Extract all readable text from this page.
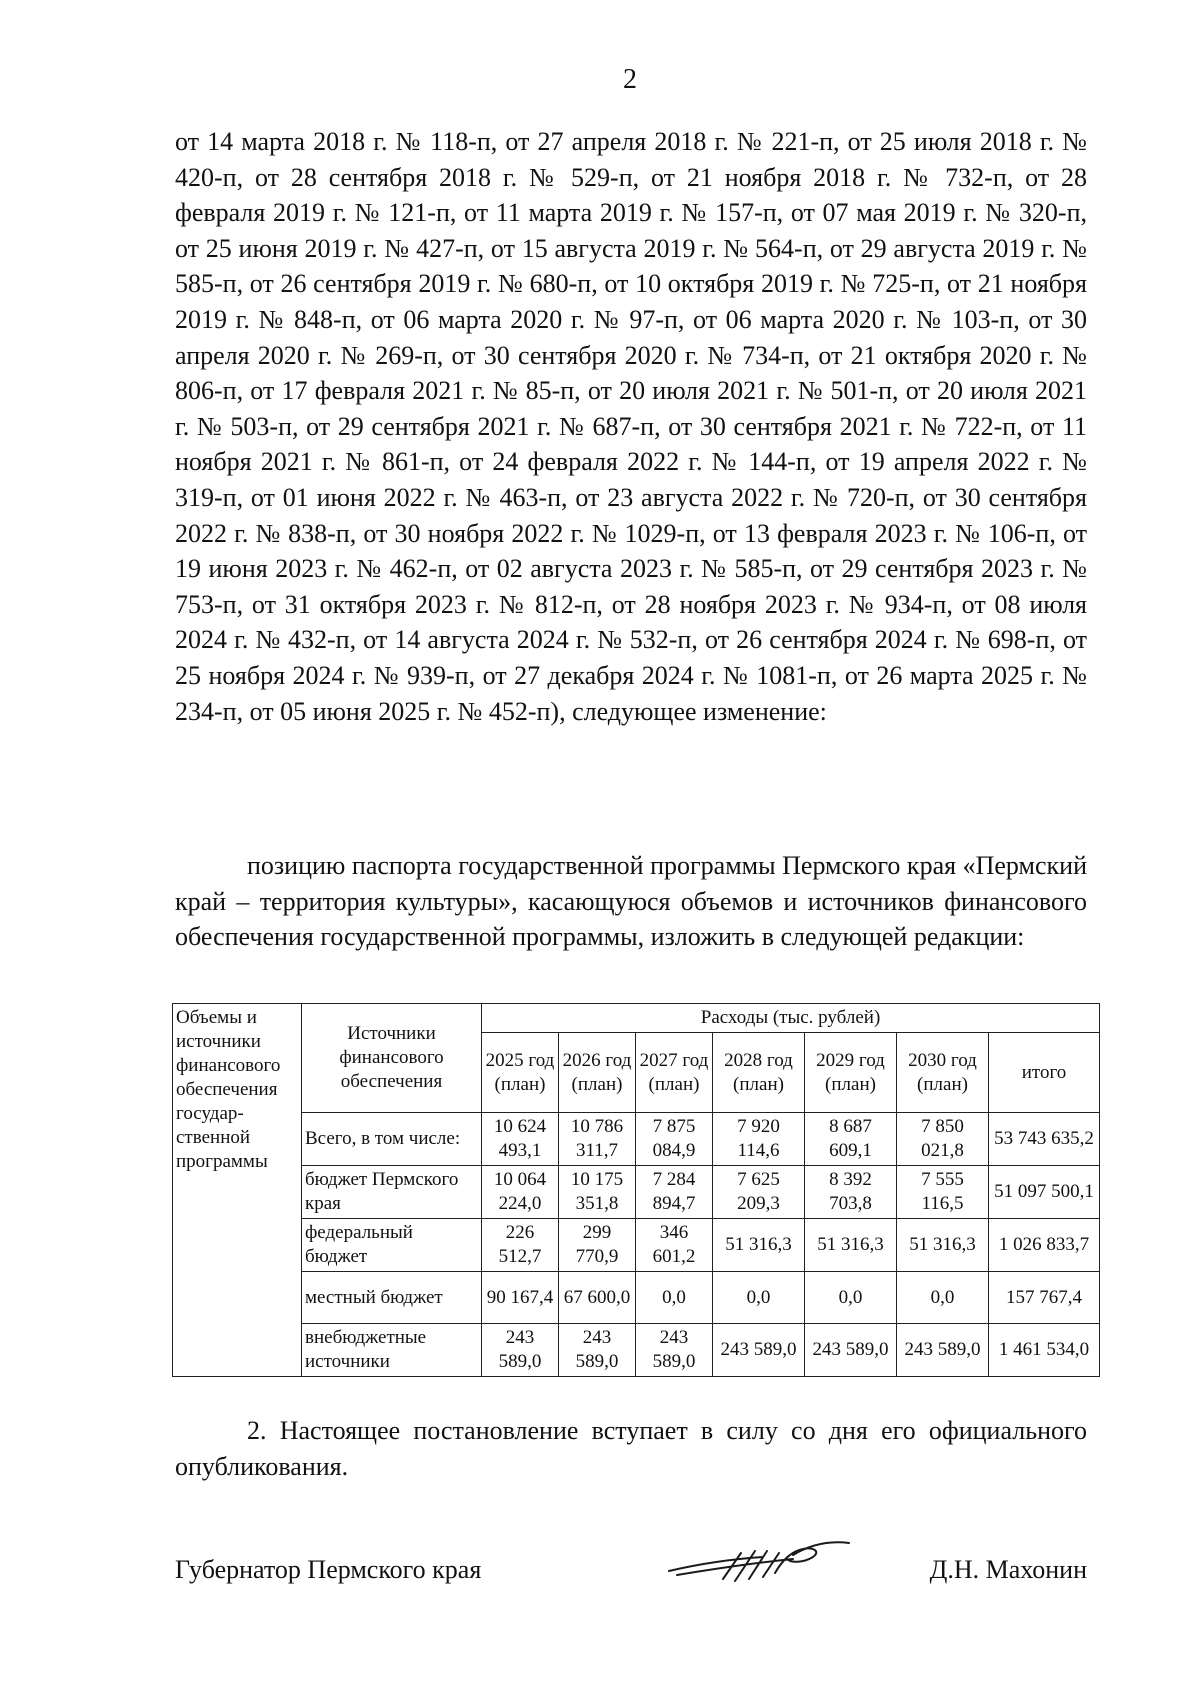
2
от 14 марта 2018 г. № 118-п, от 27 апреля 2018 г. № 221-п, от 25 июля 2018 г. № 420-п, от 28 сентября 2018 г. № 529-п, от 21 ноября 2018 г. № 732-п, от 28 февраля 2019 г. № 121-п, от 11 марта 2019 г. № 157-п, от 07 мая 2019 г. № 320-п, от 25 июня 2019 г. № 427-п, от 15 августа 2019 г. № 564-п, от 29 августа 2019 г. № 585-п, от 26 сентября 2019 г. № 680-п, от 10 октября 2019 г. № 725-п, от 21 ноября 2019 г. № 848-п, от 06 марта 2020 г. № 97-п, от 06 марта 2020 г. № 103-п, от 30 апреля 2020 г. № 269-п, от 30 сентября 2020 г. № 734-п, от 21 октября 2020 г. № 806-п, от 17 февраля 2021 г. № 85-п, от 20 июля 2021 г. № 501-п, от 20 июля 2021 г. № 503-п, от 29 сентября 2021 г. № 687-п, от 30 сентября 2021 г. № 722-п, от 11 ноября 2021 г. № 861-п, от 24 февраля 2022 г. № 144-п, от 19 апреля 2022 г. № 319-п, от 01 июня 2022 г. № 463-п, от 23 августа 2022 г. № 720-п, от 30 сентября 2022 г. № 838-п, от 30 ноября 2022 г. № 1029-п, от 13 февраля 2023 г. № 106-п, от 19 июня 2023 г. № 462-п, от 02 августа 2023 г. № 585-п, от 29 сентября 2023 г. № 753-п, от 31 октября 2023 г. № 812-п, от 28 ноября 2023 г. № 934-п, от 08 июля 2024 г. № 432-п, от 14 августа 2024 г. № 532-п, от 26 сентября 2024 г. № 698-п, от 25 ноября 2024 г. № 939-п, от 27 декабря 2024 г. № 1081-п, от 26 марта 2025 г. № 234-п, от 05 июня 2025 г. № 452-п), следующее изменение:
позицию паспорта государственной программы Пермского края «Пермский край – территория культуры», касающуюся объемов и источников финансового обеспечения государственной программы, изложить в следующей редакции:
Объемы и источники финансового обеспечения государ-ственной программы	Источники финансового обеспечения	Расходы (тыс. рублей)						
		2025 год (план)	2026 год (план)	2027 год (план)	2028 год (план)	2029 год (план)	2030 год (план)	итого
	Всего, в том числе:	10 624 493,1	10 786 311,7	7 875 084,9	7 920 114,6	8 687 609,1	7 850 021,8	53 743 635,2
	бюджет Пермского края	10 064 224,0	10 175 351,8	7 284 894,7	7 625 209,3	8 392 703,8	7 555 116,5	51 097 500,1
	федеральный бюджет	226 512,7	299 770,9	346 601,2	51 316,3	51 316,3	51 316,3	1 026 833,7
	местный бюджет	90 167,4	67 600,0	0,0	0,0	0,0	0,0	157 767,4
	внебюджетные источники	243 589,0	243 589,0	243 589,0	243 589,0	243 589,0	243 589,0	1 461 534,0
2. Настоящее постановление вступает в силу со дня его официального опубликования.
Губернатор Пермского края	Д.Н. Махонин
